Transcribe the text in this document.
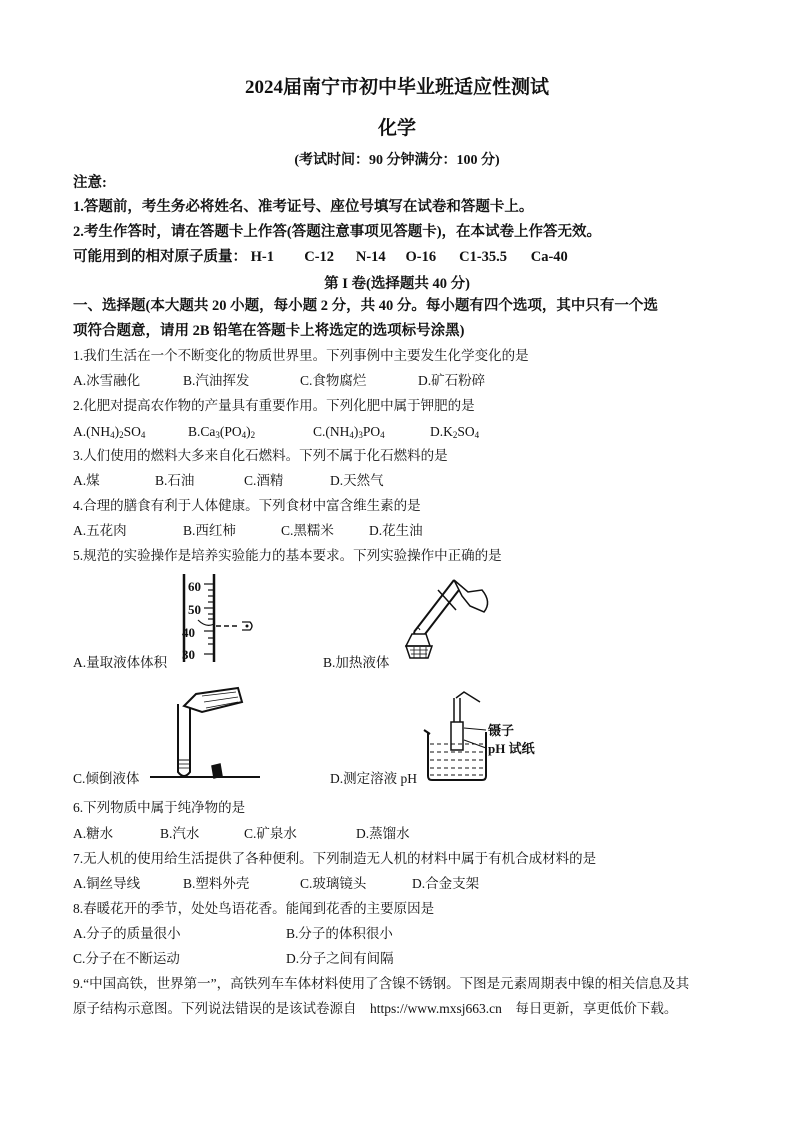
2024届南宁市初中毕业班适应性测试
化学
(考试时间：90 分钟满分：100 分)
注意:
1.答题前，考生务必将姓名、准考证号、座位号填写在试卷和答题卡上。
2.考生作答时，请在答题卡上作答(答题注意事项见答题卡)，在本试卷上作答无效。
可能用到的相对原子质量： H-1 C-12 N-14 O-16 C1-35.5 Ca-40
第 I 卷(选择题共 40 分)
一、选择题(本大题共 20 小题，每小题 2 分，共 40 分。每小题有四个选项，其中只有一个选
项符合题意，请用 2B 铅笔在答题卡上将选定的选项标号涂黑)
1.我们生活在一个不断变化的物质世界里。下列事例中主要发生化学变化的是
A.冰雪融化	B.汽油挥发	C.食物腐烂	D.矿石粉碎
2.化肥对提高农作物的产量具有重要作用。下列化肥中属于钾肥的是
$A.(NH_4)_2SO_4$	$B.Ca_3(PO_4)_2$	$C.(NH_4)_3PO_4$	$D.K_2SO_4$
3.人们使用的燃料大多来自化石燃料。下列不属于化石燃料的是
A.煤	B.石油	C.酒精	D.天然气
4.合理的膳食有利于人体健康。下列食材中富含维生素的是
A.五花肉	B.西红柿	C.黑糯米	D.花生油
5.规范的实验操作是培养实验能力的基本要求。下列实验操作中正确的是
60
50
40
30
A.量取液体体积	B.加热液体
镊子
pH 试纸
C.倾倒液体	D.测定溶液 pH
6.下列物质中属于纯净物的是
A.糖水	B.汽水	C.矿泉水	D.蒸馏水
7.无人机的使用给生活提供了各种便利。下列制造无人机的材料中属于有机合成材料的是
A.铜丝导线	B.塑料外壳	C.玻璃镜头	D.合金支架
8.春暖花开的季节，处处鸟语花香。能闻到花香的主要原因是
A.分子的质量很小	B.分子的体积很小
C.分子在不断运动	D.分子之间有间隔
9.“中国高铁，世界第一”，高铁列车车体材料使用了含镍不锈钢。下图是元素周期表中镍的相关信息及其
原子结构示意图。下列说法错误的是该试卷源自　https://www.mxsj663.cn　每日更新，享更低价下载。
